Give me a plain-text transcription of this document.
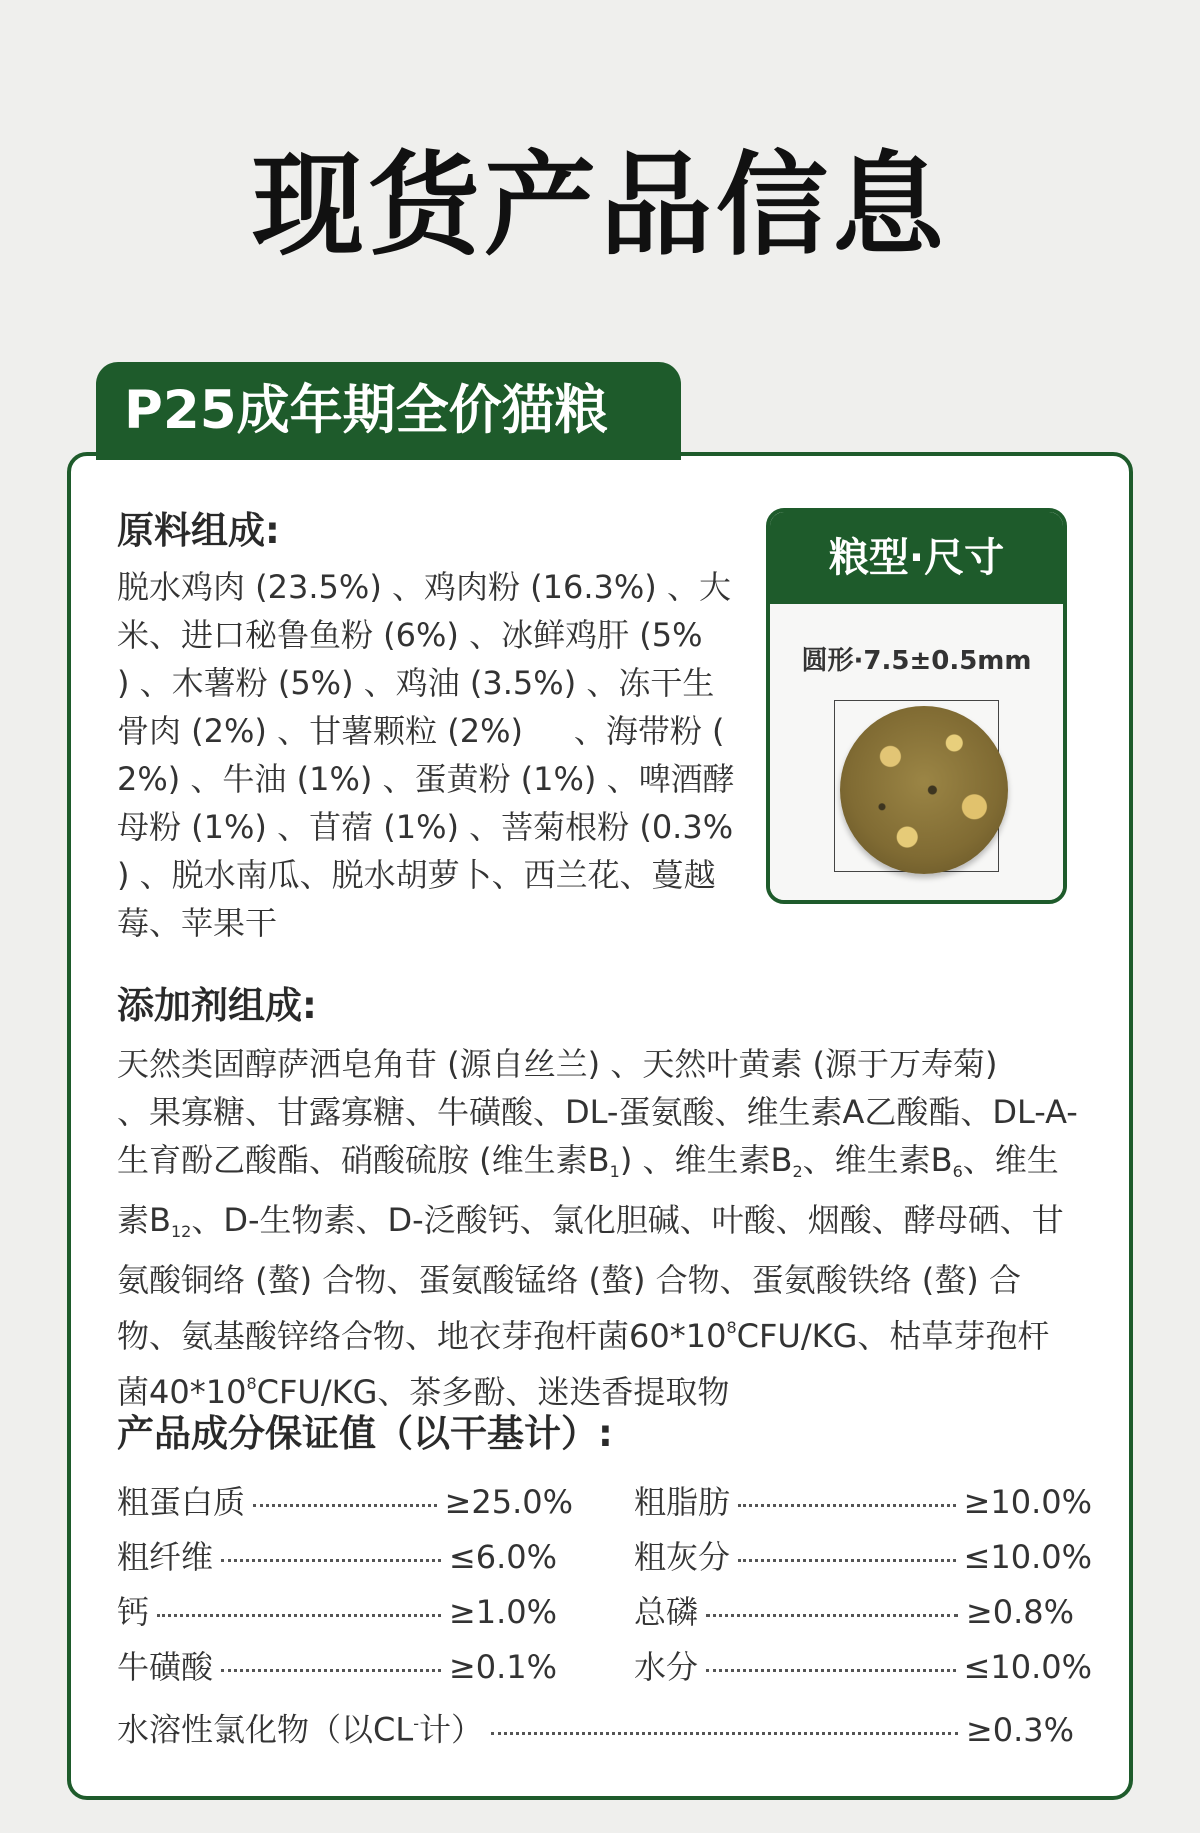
现货产品信息
P25成年期全价猫粮
原料组成:
脱水鸡肉 (23.5%) 、鸡肉粉 (16.3%) 、大
米、进口秘鲁鱼粉 (6%) 、冰鲜鸡肝 (5%
) 、木薯粉 (5%) 、鸡油 (3.5%) 、冻干生
骨肉 (2%) 、甘薯颗粒 (2%)     、海带粉 (
2%) 、牛油 (1%) 、蛋黄粉 (1%) 、啤酒酵
母粉 (1%) 、苜蓿 (1%) 、菩菊根粉 (0.3%
) 、脱水南瓜、脱水胡萝卜、西兰花、蔓越
莓、苹果干
粮型·尺寸
圆形·7.5±0.5mm
添加剂组成:
天然类固醇萨洒皂角苷 (源自丝兰) 、天然叶黄素 (源于万寿菊)
、果寡糖、甘露寡糖、牛磺酸、DL-蛋氨酸、维生素A乙酸酯、DL-A-
生育酚乙酸酯、硝酸硫胺 (维生素$B_1$) 、维生素$B_2$、维生素$B_6$、维生
素$B_{12}$、D-生物素、D-泛酸钙、氯化胆碱、叶酸、烟酸、酵母硒、甘
氨酸铜络 (螯) 合物、蛋氨酸锰络 (螯) 合物、蛋氨酸铁络 (螯) 合
物、氨基酸锌络合物、地衣芽孢杆菌$60*10^8CFU/KG$、枯草芽孢杆
菌$40*10^8CFU/KG$、茶多酚、迷迭香提取物
产品成分保证值（以干基计）:
粗蛋白质	≥25.0%
粗纤维	≤6.0%
钙	≥1.0%
牛磺酸	≥0.1%
粗脂肪	≥10.0%
粗灰分	≤10.0%
总磷	≥0.8%
水分	≤10.0%
水溶性氯化物（以CL-计）	≥0.3%
